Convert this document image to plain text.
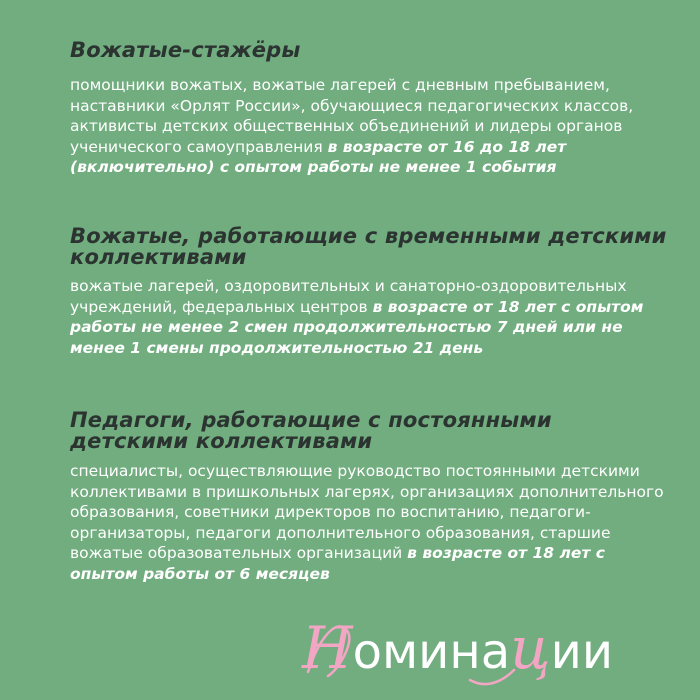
Вожатые-стажёры

помощники вожатых, вожатые лагерей с дневным пребыванием, наставники «Орлят России», обучающиеся педагогических классов, активисты детских общественных объединений и лидеры органов ученического самоуправления в возрасте от 16 до 18 лет (включительно) с опытом работы не менее 1 события

Вожатые, работающие с временными детскими коллективами

вожатые лагерей, оздоровительных и санаторно-оздоровительных учреждений, федеральных центров в возрасте от 18 лет с опытом работы не менее 2 смен продолжительностью 7 дней или не менее 1 смены продолжительностью 21 день

Педагоги, работающие с постоянными детскими коллективами

специалисты, осуществляющие руководство постоянными детскими коллективами в пришкольных лагерях, организациях дополнительного образования, советники директоров по воспитанию, педагоги-организаторы, педагоги дополнительного образования, старшие вожатые образовательных организаций в возрасте от 18 лет с опытом работы от 6 месяцев

Номинации
